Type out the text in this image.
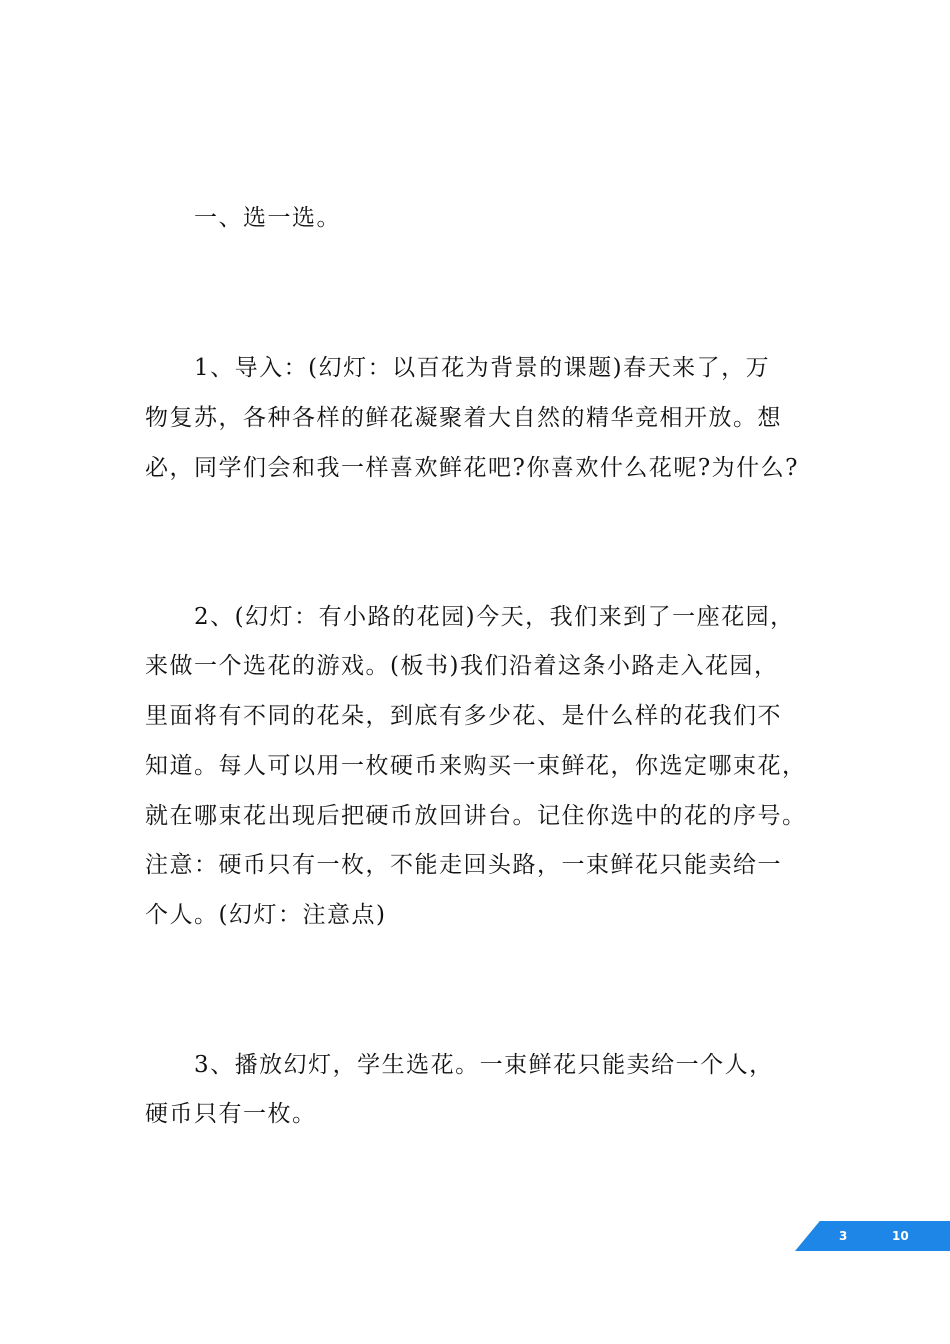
一、选一选。
1、导入：(幻灯：以百花为背景的课题)春天来了，万
物复苏，各种各样的鲜花凝聚着大自然的精华竞相开放。想
必，同学们会和我一样喜欢鲜花吧?你喜欢什么花呢?为什么?
2、(幻灯：有小路的花园)今天，我们来到了一座花园，
来做一个选花的游戏。(板书)我们沿着这条小路走入花园，
里面将有不同的花朵，到底有多少花、是什么样的花我们不
知道。每人可以用一枚硬币来购买一束鲜花，你选定哪束花，
就在哪束花出现后把硬币放回讲台。记住你选中的花的序号。
注意：硬币只有一枚，不能走回头路，一束鲜花只能卖给一
个人。(幻灯：注意点)
3、播放幻灯，学生选花。一束鲜花只能卖给一个人，
硬币只有一枚。
3	10
